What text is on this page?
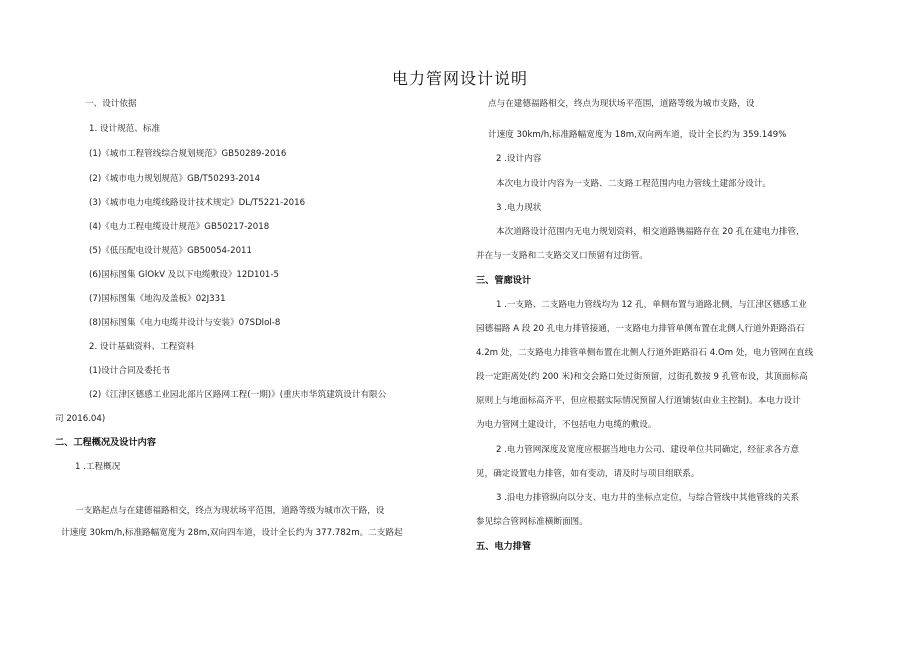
电力管网设计说明
一、设计依据
1. 设计规范、标准
(1)《城市工程管线综合规划规范》GB50289-2016
(2)《城市电力规划规范》GB/T50293-2014
(3)《城市电力电缆线路设计技术规定》DL/T5221-2016
(4)《电力工程电缆设计规范》GB50217-2018
(5)《低压配电设计规范》GB50054-2011
(6)国标图集 GlOkV 及以下电缆敷设》12D101-5
(7)国标图集《地沟及盖板》02J331
(8)国标图集《电力电缆井设计与安装》07SDlol-8
2. 设计基础资料、工程资料
(1)设计合同及委托书
(2)《江津区德感工业园北部片区路网工程(一期)》(重庆市华筑建筑设计有限公
司 2016.04)
二、工程概况及设计内容
1 .工程概况
一支路起点与在建德福路相交，终点为现状场平范围，道路等级为城市次干路，设
计速度 30km/h,标准路幅宽度为 28m,双向四车道，设计全长约为 377.782m。二支路起
点与在建德福路相交，终点为现状场平范围，道路等级为城市支路，设
计速度 30km/h,标准路幅宽度为 18m,双向两车道，设计全长约为 359.149%
2 .设计内容
本次电力设计内容为一支路、二支路工程范围内电力管线土建部分设计。
3 .电力现状
本次道路设计范围内无电力规划资料，相交道路镌福路存在 20 孔在建电力排管,
并在与一支路和二支路交叉口预留有过街管。
三、管廊设计
1 .一支路、二支路电力管线均为 12 孔，单侧布置与道路北侧，与江津区德感工业
园德福路 A 段 20 孔电力排管接通，一支路电力排管单侧布置在北侧人行道外距路沿石
4.2m 处，二支路电力排管单侧布置在北侧人行道外距路沿石 4.Om 处，电力管网在直线
段一定距离处(约 200 米)和交会路口处过街预留，过街孔数按 9 孔管布设，其顶面标高
原则上与地面标高齐平，但应根据实际情况预留人行道铺装(由业主控制)。本电力设计
为电力管网土建设计，不包括电力电缆的敷设。
2 .电力管网深度及宽度应根据当地电力公司、建设单位共同确定，经征求各方意
见，确定设置电力排管，如有变动，请及时与项目组联系。
3 .沿电力排管纵向以分支、电力井的坐标点定位，与综合管线中其他管线的关系
参见综合管网标准横断面图。
五、电力排管
